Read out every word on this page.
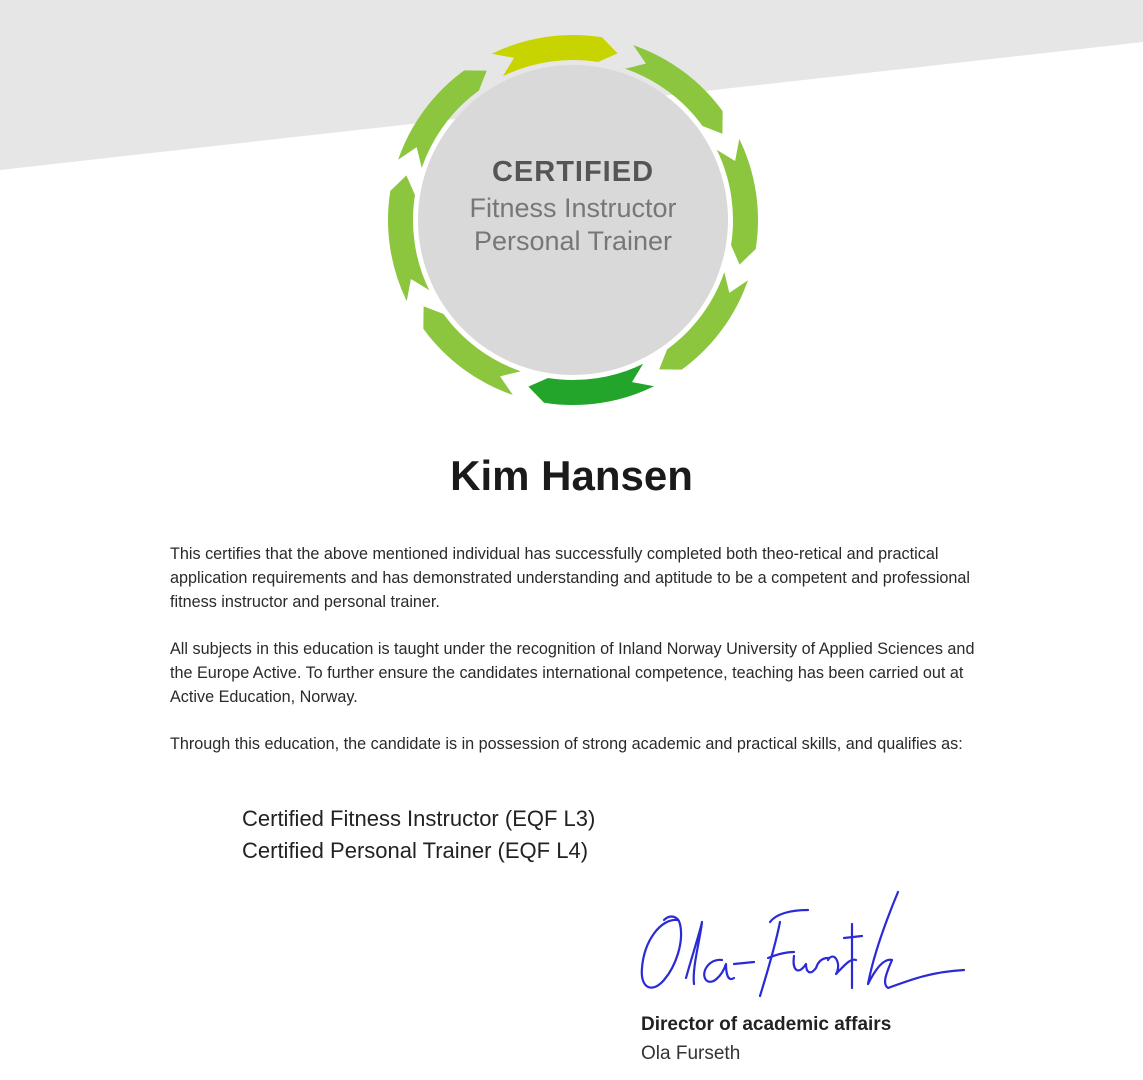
CERTIFIED
Fitness Instructor
Personal Trainer
Kim Hansen

This certifies that the above mentioned individual has successfully completed both theo-retical and practical application requirements and has demonstrated understanding and aptitude to be a competent and professional fitness instructor and personal trainer.

All subjects in this education is taught under the recognition of Inland Norway University of Applied Sciences and the Europe Active. To further ensure the candidates international competence, teaching has been carried out at Active Education, Norway.

Through this education, the candidate is in possession of strong academic and practical skills, and qualifies as:

Certified Fitness Instructor (EQF L3)
Certified Personal Trainer (EQF L4)
Director of academic affairs
Ola Furseth
